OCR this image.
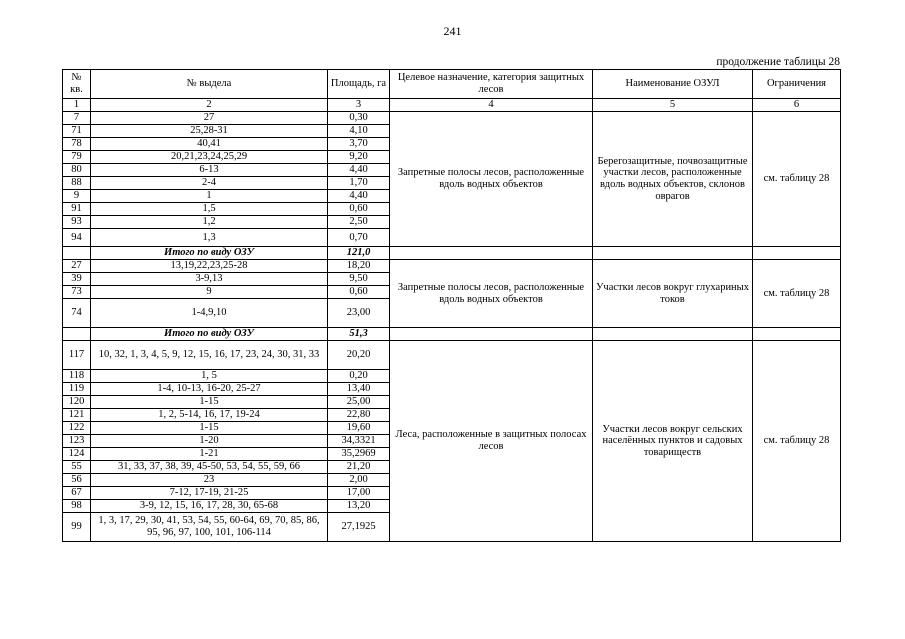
241
продолжение таблицы 28
№ кв.	№ выдела	Площадь, га	Целевое назначение, категория защитных лесов	Наименование ОЗУЛ	Ограничения
1	2	3	4	5	6
7	27	0,30	Запретные полосы лесов, расположенные вдоль водных объектов	Берегозащитные, почвозащитные участки лесов, расположенные вдоль водных объектов, склонов оврагов	см. таблицу 28
71	25,28-31	4,10			
78	40,41	3,70			
79	20,21,23,24,25,29	9,20			
80	6-13	4,40			
88	2-4	1,70			
9	1	4,40			
91	1,5	0,60			
93	1,2	2,50			
94	1,3	0,70			
	Итого по виду ОЗУ	121,0			
27	13,19,22,23,25-28	18,20	Запретные полосы лесов, расположенные вдоль водных объектов	Участки лесов вокруг глухариных токов	см. таблицу 28
39	3-9,13	9,50			
73	9	0,60			
74	1-4,9,10	23,00			
	Итого по виду ОЗУ	51,3			
117	10, 32, 1, 3, 4, 5, 9, 12, 15, 16, 17, 23, 24, 30, 31, 33	20,20	Леса, расположенные в защитных полосах лесов	Участки лесов вокруг сельских населённых пунктов и садовых товариществ	см. таблицу 28
118	1, 5	0,20			
119	1-4, 10-13, 16-20, 25-27	13,40			
120	1-15	25,00			
121	1, 2, 5-14, 16, 17, 19-24	22,80			
122	1-15	19,60			
123	1-20	34,3321			
124	1-21	35,2969			
55	31, 33, 37, 38, 39, 45-50, 53, 54, 55, 59, 66	21,20			
56	23	2,00			
67	7-12, 17-19, 21-25	17,00			
98	3-9, 12, 15, 16, 17, 28, 30, 65-68	13,20			
99	1, 3, 17, 29, 30, 41, 53, 54, 55, 60-64, 69, 70, 85, 86, 95, 96, 97, 100, 101, 106-114	27,1925			
